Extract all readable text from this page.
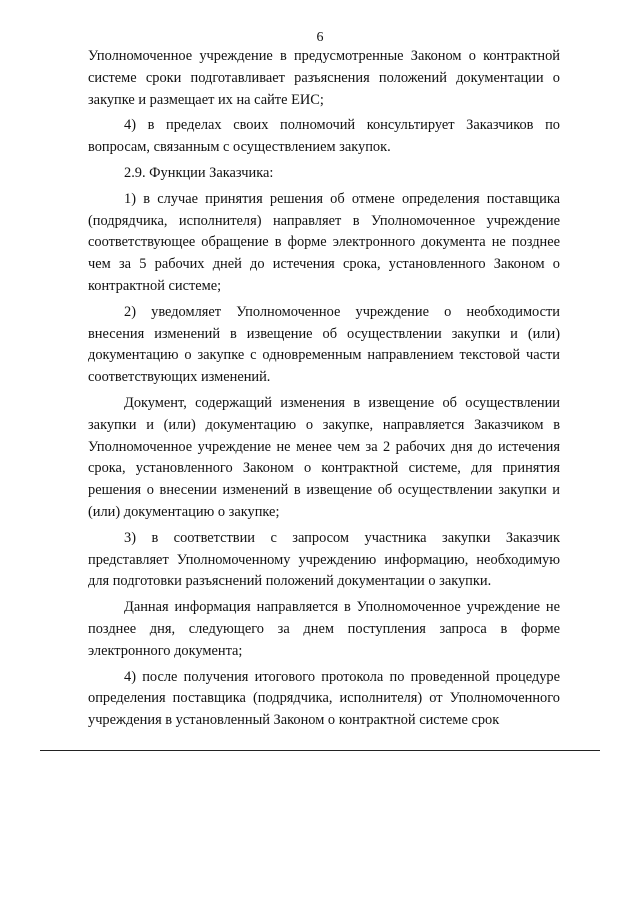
6

Уполномоченное учреждение в предусмотренные Законом о контрактной системе сроки подготавливает разъяснения положений документации о закупке и размещает их на сайте ЕИС;

4) в пределах своих полномочий консультирует Заказчиков по вопросам, связанным с осуществлением закупок.

2.9. Функции Заказчика:

1) в случае принятия решения об отмене определения поставщика (подрядчика, исполнителя) направляет в Уполномоченное учреждение соответствующее обращение в форме электронного документа не позднее чем за 5 рабочих дней до истечения срока, установленного Законом о контрактной системе;

2) уведомляет Уполномоченное учреждение о необходимости внесения изменений в извещение об осуществлении закупки и (или) документацию о закупке с одновременным направлением текстовой части соответствующих изменений.

Документ, содержащий изменения в извещение об осуществлении закупки и (или) документацию о закупке, направляется Заказчиком в Уполномоченное учреждение не менее чем за 2 рабочих дня до истечения срока, установленного Законом о контрактной системе, для принятия решения о внесении изменений в извещение об осуществлении закупки и (или) документацию о закупке;

3) в соответствии с запросом участника закупки Заказчик представляет Уполномоченному учреждению информацию, необходимую для подготовки разъяснений положений документации о закупки.

Данная информация направляется в Уполномоченное учреждение не позднее дня, следующего за днем поступления запроса в форме электронного документа;

4) после получения итогового протокола по проведенной процедуре определения поставщика (подрядчика, исполнителя) от Уполномоченного учреждения в установленный Законом о контрактной системе срок
